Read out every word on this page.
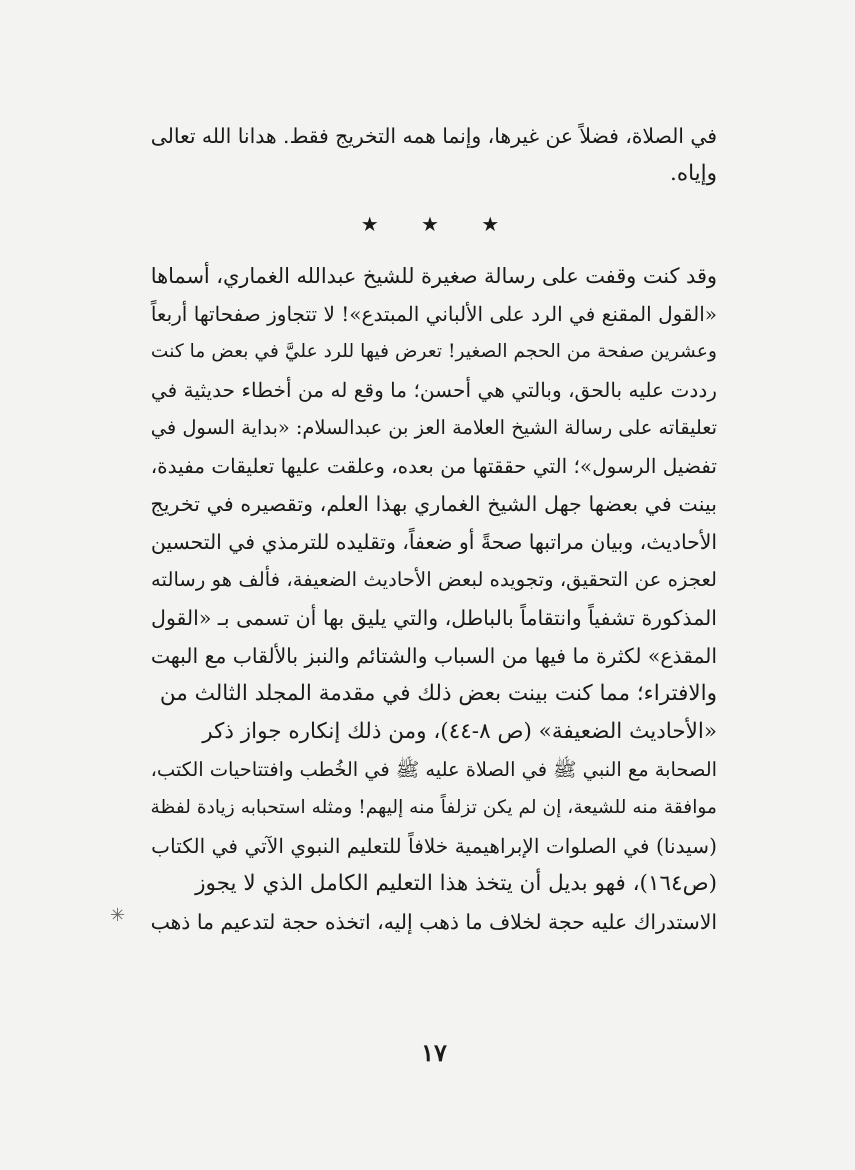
في الصلاة، فضلاً عن غيرها، وإنما همه التخريج فقط. هدانا الله تعالى
وإياه.
★ ★ ★
وقد كنت وقفت على رسالة صغيرة للشيخ عبدالله الغماري، أسماها
«القول المقنع في الرد على الألباني المبتدع»! لا تتجاوز صفحاتها أربعاً
وعشرين صفحة من الحجم الصغير! تعرض فيها للرد عليَّ في بعض ما كنت
رددت عليه بالحق، وبالتي هي أحسن؛ ما وقع له من أخطاء حديثية في
تعليقاته على رسالة الشيخ العلامة العز بن عبدالسلام: «بداية السول في
تفضيل الرسول»؛ التي حققتها من بعده، وعلقت عليها تعليقات مفيدة،
بينت في بعضها جهل الشيخ الغماري بهذا العلم، وتقصيره في تخريج
الأحاديث، وبيان مراتبها صحةً أو ضعفاً، وتقليده للترمذي في التحسين
لعجزه عن التحقيق، وتجويده لبعض الأحاديث الضعيفة، فألف هو رسالته
المذكورة تشفياً وانتقاماً بالباطل، والتي يليق بها أن تسمى بـ «القول
المقذع» لكثرة ما فيها من السباب والشتائم والنبز بالألقاب مع البهت
والافتراء؛ مما كنت بينت بعض ذلك في مقدمة المجلد الثالث من
«الأحاديث الضعيفة» (ص ٨-٤٤)، ومن ذلك إنكاره جواز ذكر
الصحابة مع النبي ﷺ في الصلاة عليه ﷺ في الخُطب وافتتاحيات الكتب،
موافقة منه للشيعة، إن لم يكن تزلفاً منه إليهم! ومثله استحبابه زيادة لفظة
(سيدنا) في الصلوات الإبراهيمية خلافاً للتعليم النبوي الآتي في الكتاب
(ص١٦٤)، فهو بديل أن يتخذ هذا التعليم الكامل الذي لا يجوز
الاستدراك عليه حجة لخلاف ما ذهب إليه، اتخذه حجة لتدعيم ما ذهب
✳
١٧
